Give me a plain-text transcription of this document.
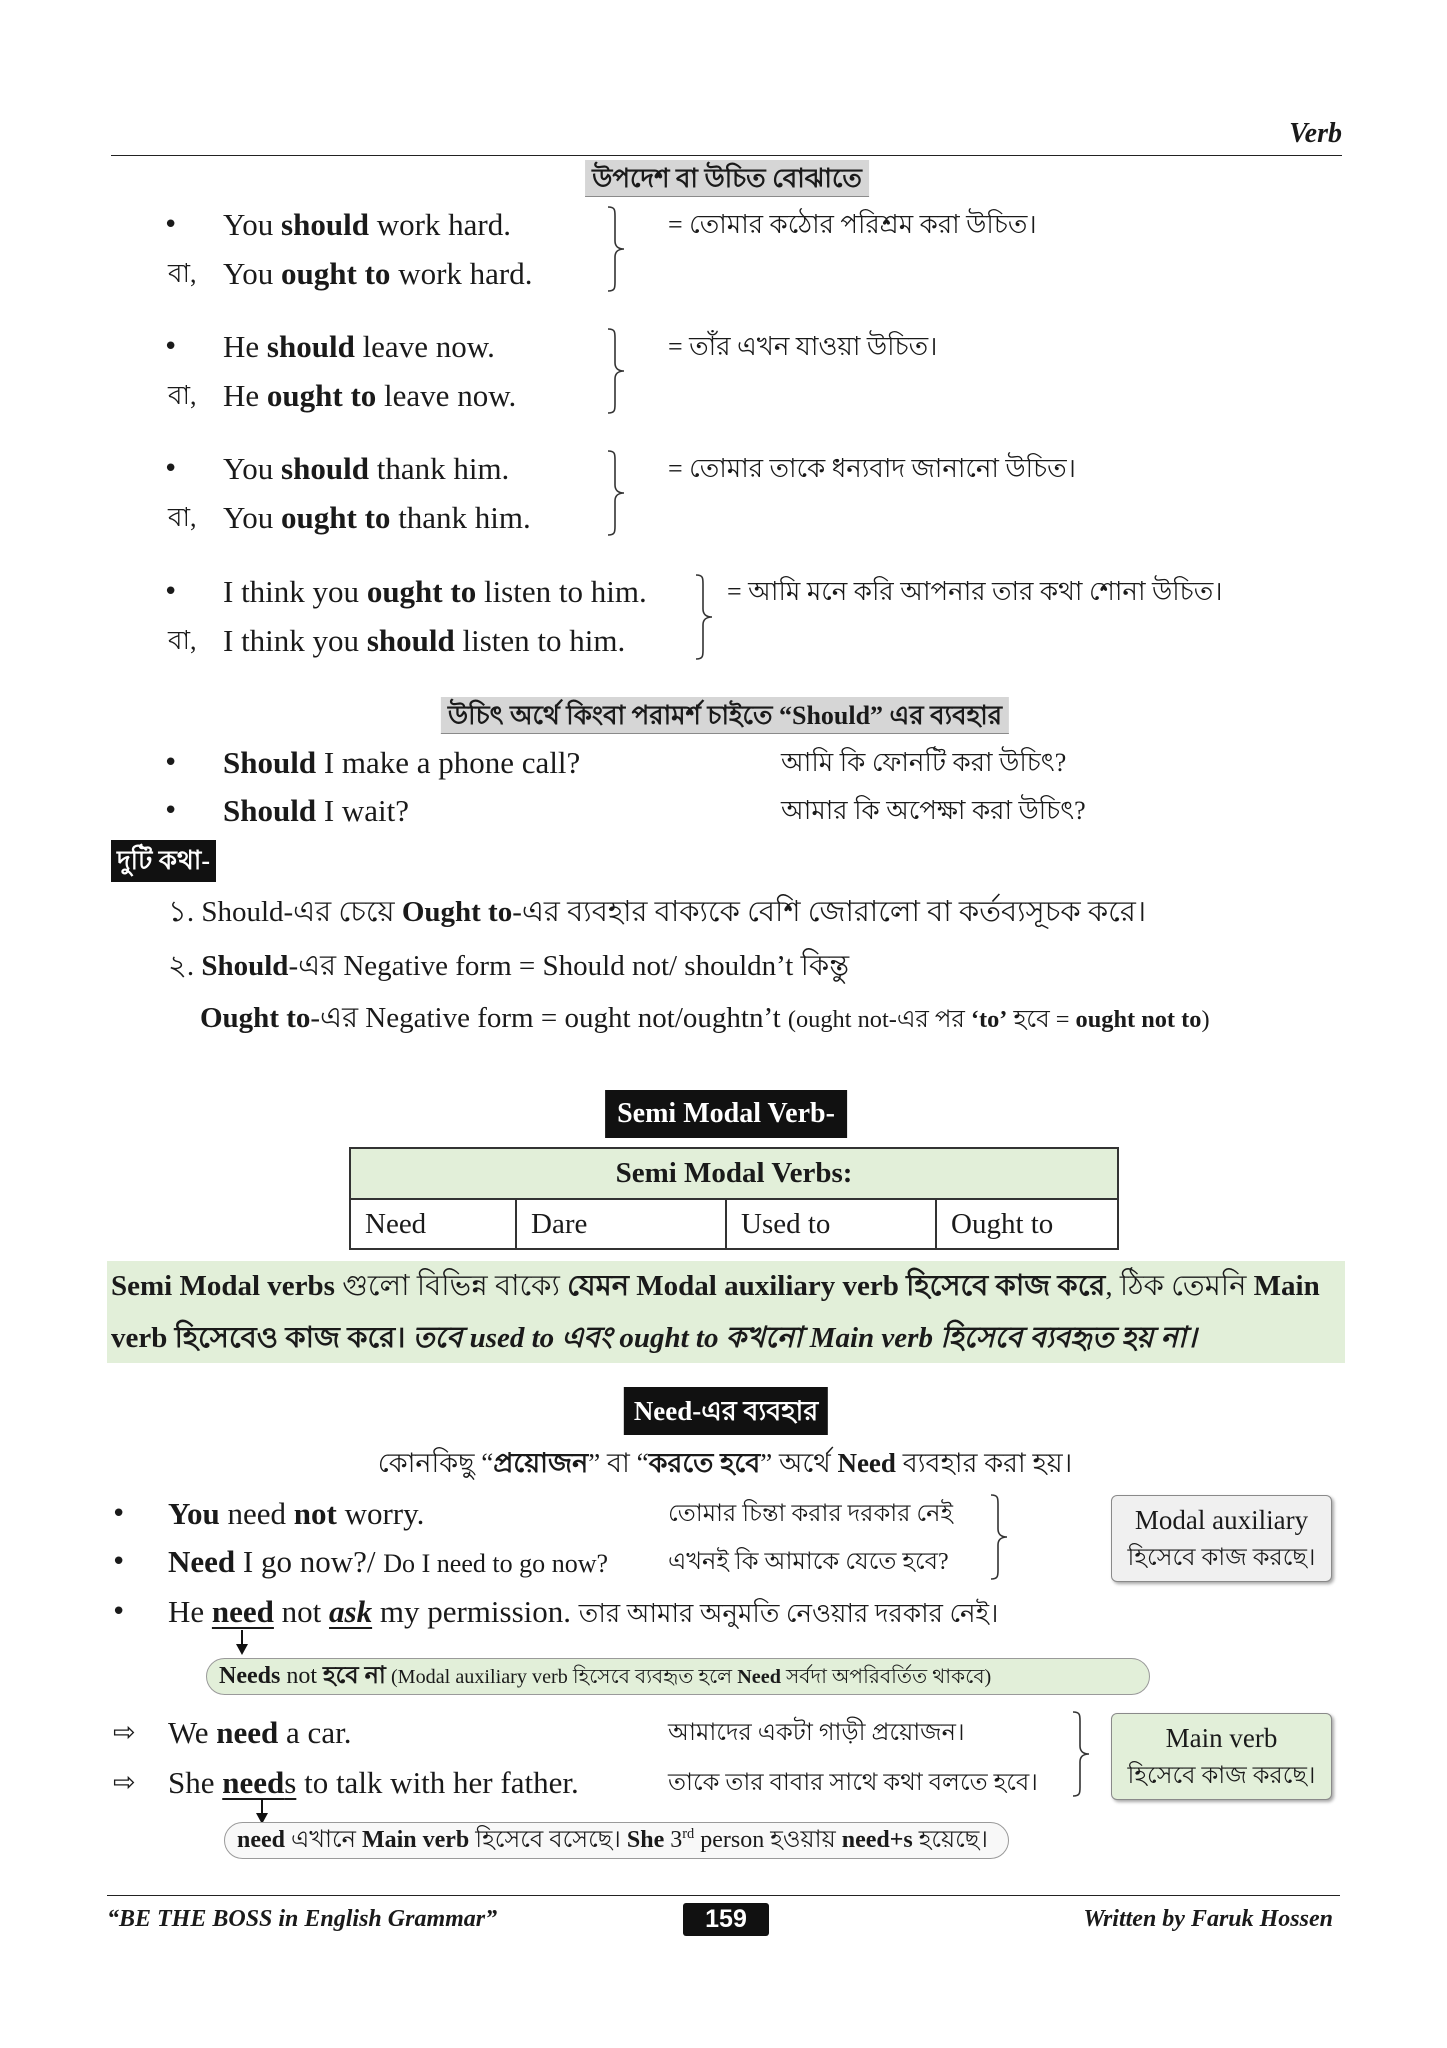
Verb
উপদেশ বা উচিত বোঝাতে
•
You should work hard.
বা, You ought to work hard.
= তোমার কঠোর পরিশ্রম করা উচিত।
•
He should leave now.
বা, He ought to leave now.
= তাঁর এখন যাওয়া উচিত।
•
You should thank him.
বা, You ought to thank him.
= তোমার তাকে ধন্যবাদ জানানো উচিত।
•
I think you ought to listen to him.
বা, I think you should listen to him.
= আমি মনে করি আপনার তার কথা শোনা উচিত।
উচিৎ অর্থে কিংবা পরামর্শ চাইতে “Should” এর ব্যবহার
•
Should I make a phone call?	আমি কি ফোনটি করা উচিৎ?
•
Should I wait?	আমার কি অপেক্ষা করা উচিৎ?
দুটি কথা-
১. Should-এর চেয়ে Ought to-এর ব্যবহার বাক্যকে বেশি জোরালো বা কর্তব্যসূচক করে।
২. Should-এর Negative form = Should not/ shouldn’t কিন্তু
Ought to-এর Negative form = ought not/oughtn’t (ought not-এর পর ‘to’ হবে = ought not to)
Semi Modal Verb-
Semi Modal Verbs:
Need	Dare	Used to	Ought to
Semi Modal verbs গুলো বিভিন্ন বাক্যে যেমন Modal auxiliary verb হিসেবে কাজ করে, ঠিক তেমনি Main
verb হিসেবেও কাজ করে। তবে used to এবং ought to কখনো Main verb হিসেবে ব্যবহৃত হয় না।
Need-এর ব্যবহার
কোনকিছু “প্রয়োজন” বা “করতে হবে” অর্থে Need ব্যবহার করা হয়।
•
You need not worry.	তোমার চিন্তা করার দরকার নেই
•
Need I go now?/ Do I need to go now? এখনই কি আমাকে যেতে হবে?
•
He need not ask my permission. তার আমার অনুমতি নেওয়ার দরকার নেই।
Modal auxiliary
হিসেবে কাজ করছে।
Needs not হবে না (Modal auxiliary verb হিসেবে ব্যবহৃত হলে Need সর্বদা অপরিবর্তিত থাকবে)
⇨
We need a car.	আমাদের একটা গাড়ী প্রয়োজন।
⇨
She needs to talk with her father.	তাকে তার বাবার সাথে কথা বলতে হবে।
Main verb
হিসেবে কাজ করছে।
need এখানে Main verb হিসেবে বসেছে। She 3rd person হওয়ায় need+s হয়েছে।
“BE THE BOSS in English Grammar”	159	Written by Faruk Hossen
